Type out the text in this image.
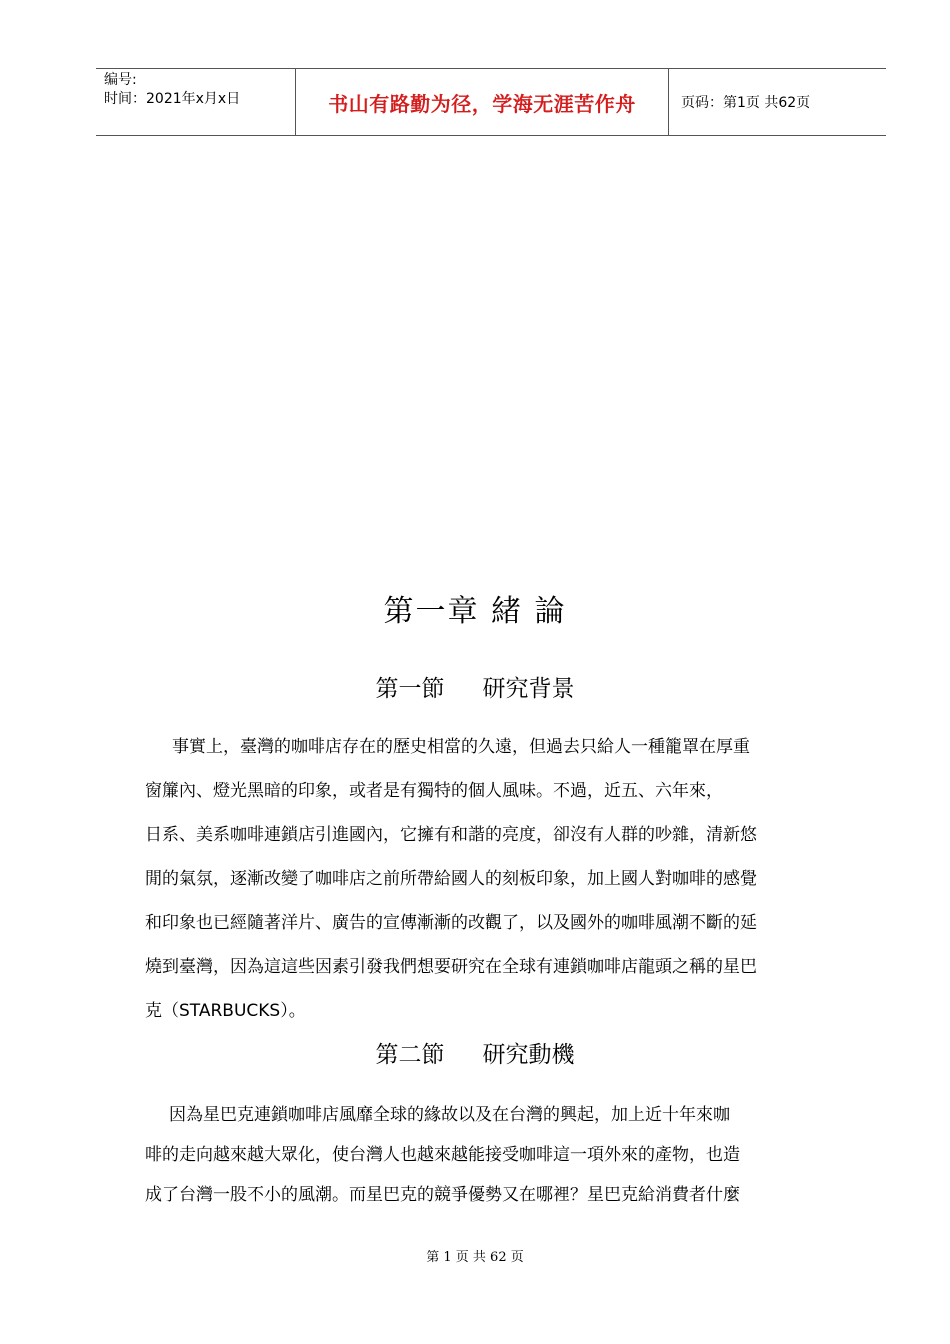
编号:
时间：2021年x月x日	书山有路勤为径，学海无涯苦作舟	页码：第1页 共62页
第一章 緒 論
第一節 研究背景
事實上，臺灣的咖啡店存在的歷史相當的久遠，但過去只給人一種籠罩在厚重
窗簾內、燈光黑暗的印象，或者是有獨特的個人風味。不過，近五、六年來，
日系、美系咖啡連鎖店引進國內，它擁有和諧的亮度，卻沒有人群的吵雜，清新悠
閒的氣氛，逐漸改變了咖啡店之前所帶給國人的刻板印象，加上國人對咖啡的感覺
和印象也已經隨著洋片、廣告的宣傳漸漸的改觀了，以及國外的咖啡風潮不斷的延
燒到臺灣，因為這這些因素引發我們想要研究在全球有連鎖咖啡店龍頭之稱的星巴
克（STARBUCKS）。
第二節 研究動機
因為星巴克連鎖咖啡店風靡全球的緣故以及在台灣的興起，加上近十年來咖
啡的走向越來越大眾化，使台灣人也越來越能接受咖啡這一項外來的產物，也造
成了台灣一股不小的風潮。而星巴克的競爭優勢又在哪裡？星巴克給消費者什麼
第 1 页 共 62 页
